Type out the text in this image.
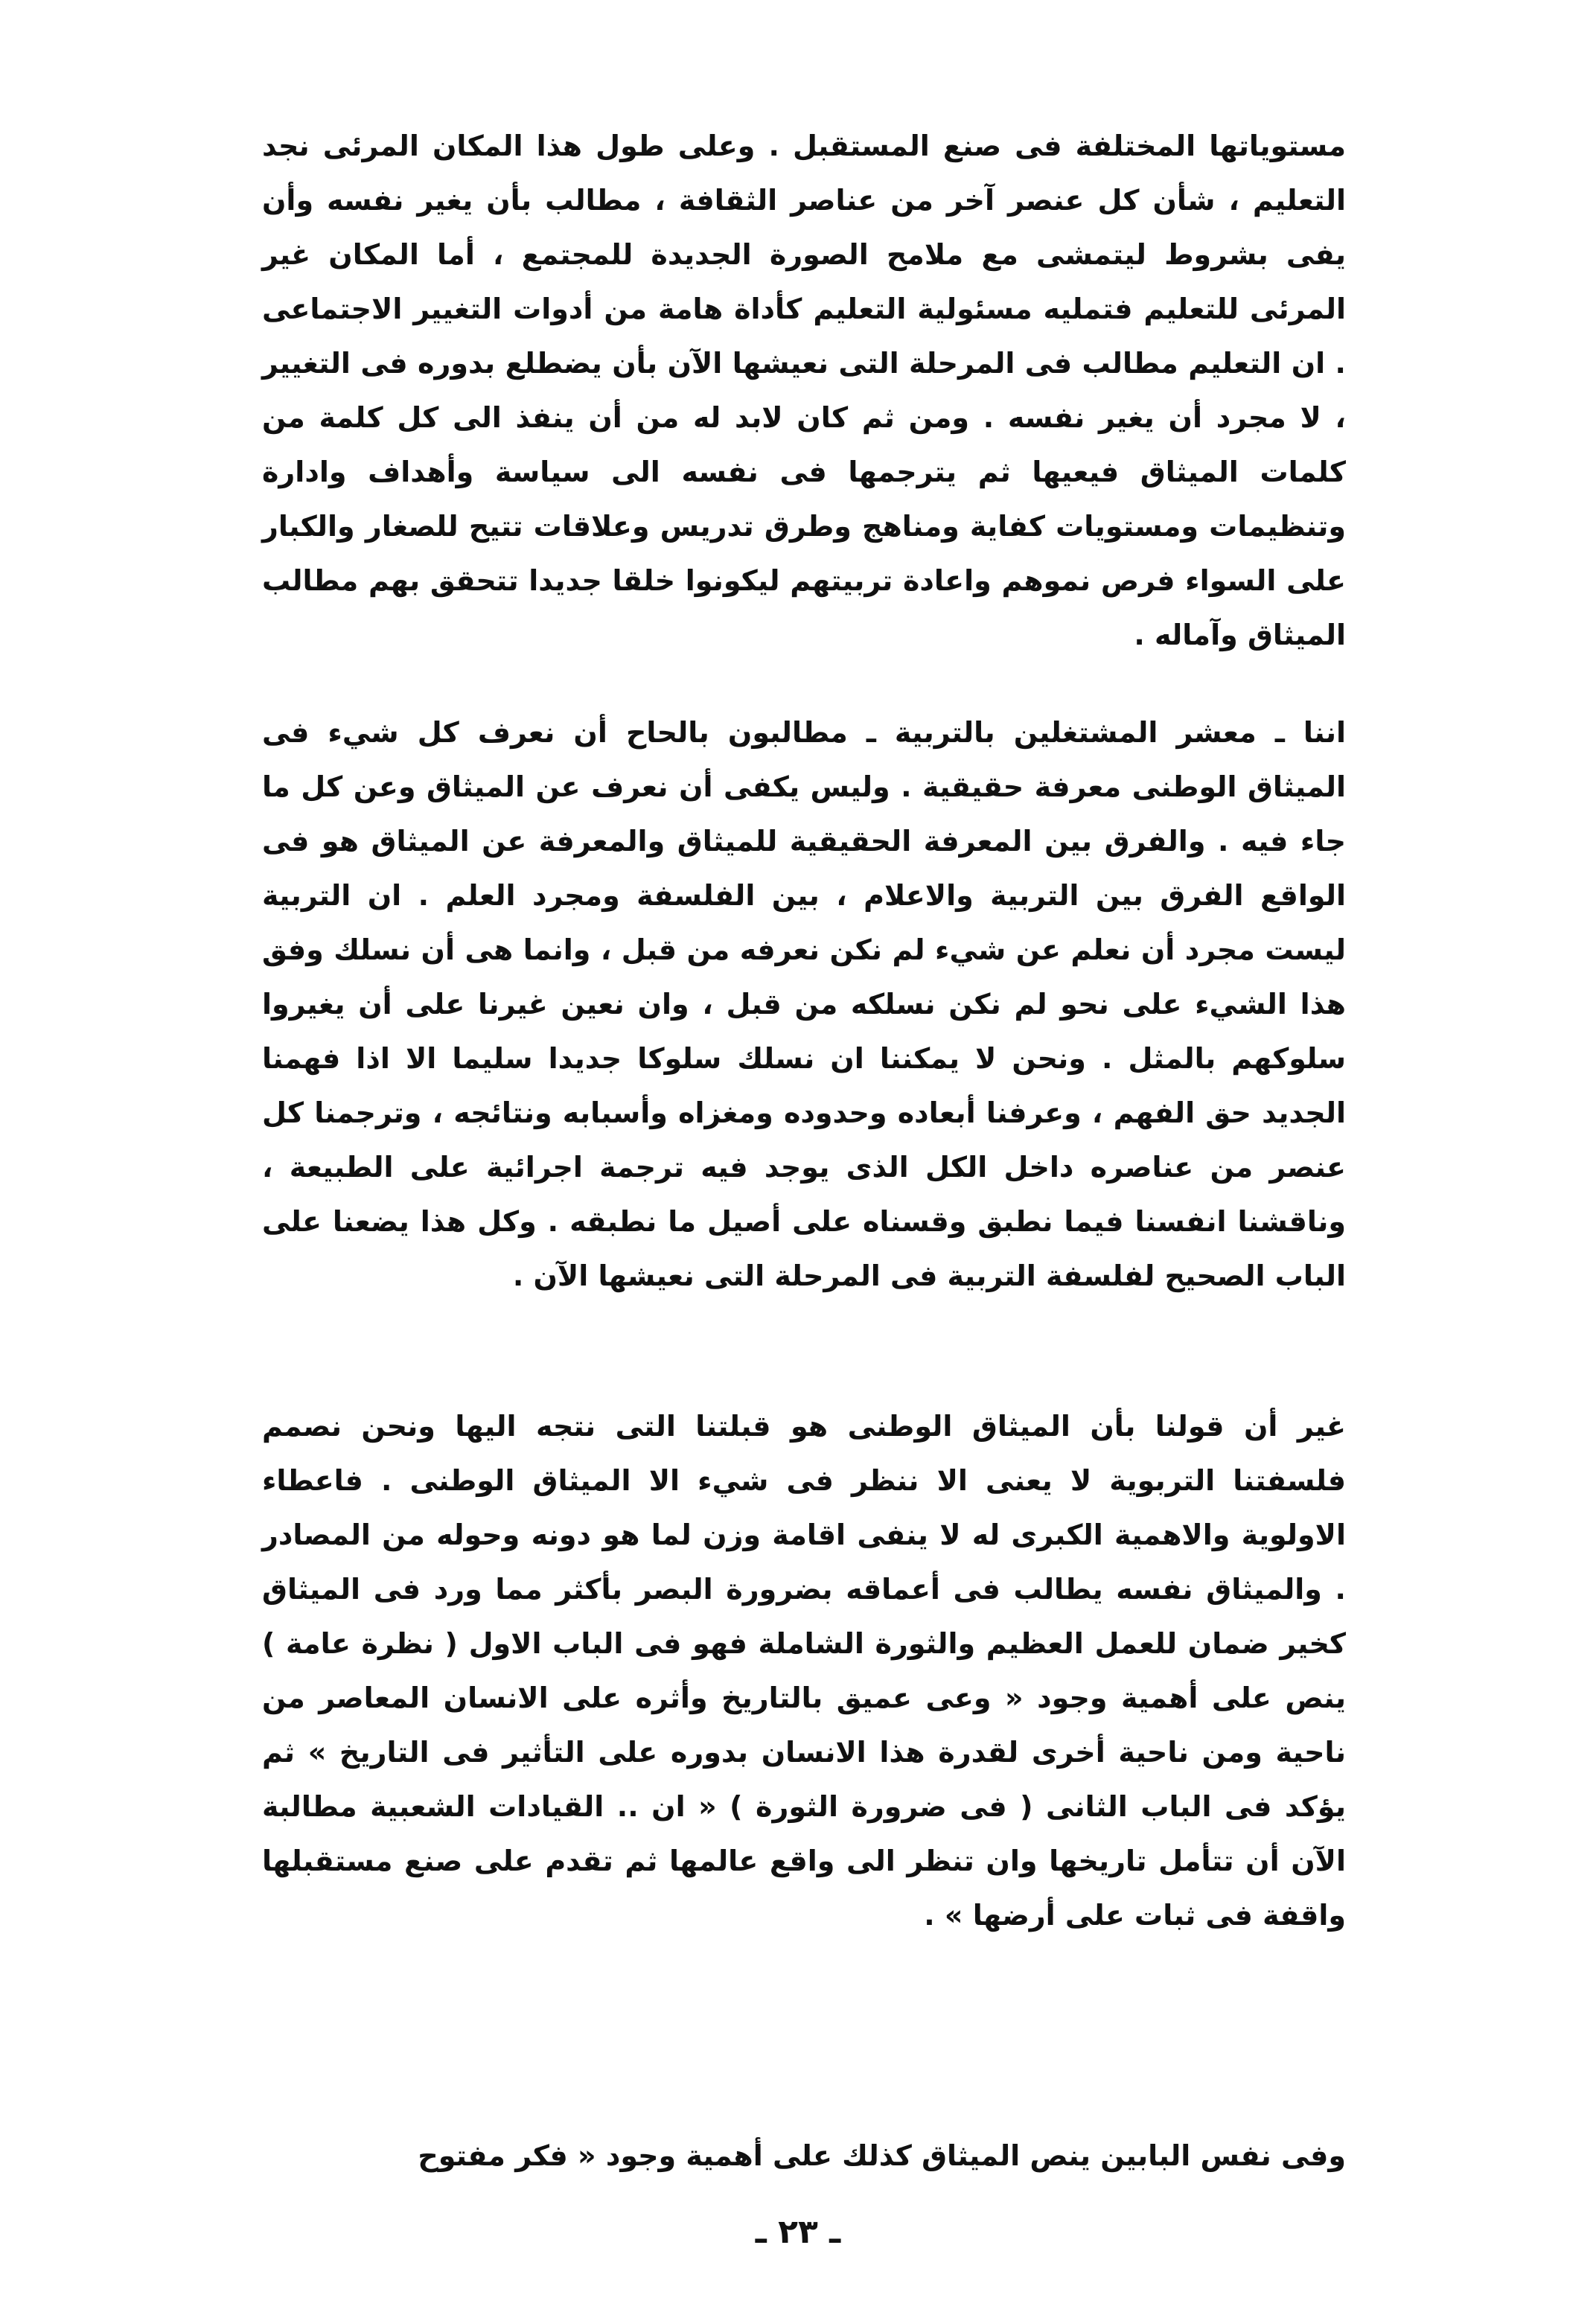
مستوياتها المختلفة فى صنع المستقبل . وعلى طول هذا المكان المرئى نجد التعليم ، شأن كل عنصر آخر من عناصر الثقافة ، مطالب بأن يغير نفسه وأن يفى بشروط ليتمشى مع ملامح الصورة الجديدة للمجتمع ، أما المكان غير المرئى للتعليم فتمليه مسئولية التعليم كأداة هامة من أدوات التغيير الاجتماعى . ان التعليم مطالب فى المرحلة التى نعيشها الآن بأن يضطلع بدوره فى التغيير ، لا مجرد أن يغير نفسه . ومن ثم كان لابد له من أن ينفذ الى كل كلمة من كلمات الميثاق فيعيها ثم يترجمها فى نفسه الى سياسة وأهداف وادارة وتنظيمات ومستويات كفاية ومناهج وطرق تدريس وعلاقات تتيح للصغار والكبار على السواء فرص نموهم واعادة تربيتهم ليكونوا خلقا جديدا تتحقق بهم مطالب الميثاق وآماله .

اننا ـ معشر المشتغلين بالتربية ـ مطالبون بالحاح أن نعرف كل شيء فى الميثاق الوطنى معرفة حقيقية . وليس يكفى أن نعرف عن الميثاق وعن كل ما جاء فيه . والفرق بين المعرفة الحقيقية للميثاق والمعرفة عن الميثاق هو فى الواقع الفرق بين التربية والاعلام ، بين الفلسفة ومجرد العلم . ان التربية ليست مجرد أن نعلم عن شيء لم نكن نعرفه من قبل ، وانما هى أن نسلك وفق هذا الشيء على نحو لم نكن نسلكه من قبل ، وان نعين غيرنا على أن يغيروا سلوكهم بالمثل . ونحن لا يمكننا ان نسلك سلوكا جديدا سليما الا اذا فهمنا الجديد حق الفهم ، وعرفنا أبعاده وحدوده ومغزاه وأسبابه ونتائجه ، وترجمنا كل عنصر من عناصره داخل الكل الذى يوجد فيه ترجمة اجرائية على الطبيعة ، وناقشنا انفسنا فيما نطبق وقسناه على أصيل ما نطبقه . وكل هذا يضعنا على الباب الصحيح لفلسفة التربية فى المرحلة التى نعيشها الآن .

غير أن قولنا بأن الميثاق الوطنى هو قبلتنا التى نتجه اليها ونحن نصمم فلسفتنا التربوية لا يعنى الا ننظر فى شيء الا الميثاق الوطنى . فاعطاء الاولوية والاهمية الكبرى له لا ينفى اقامة وزن لما هو دونه وحوله من المصادر . والميثاق نفسه يطالب فى أعماقه بضرورة البصر بأكثر مما ورد فى الميثاق كخير ضمان للعمل العظيم والثورة الشاملة فهو فى الباب الاول ( نظرة عامة ) ينص على أهمية وجود « وعى عميق بالتاريخ وأثره على الانسان المعاصر من ناحية ومن ناحية أخرى لقدرة هذا الانسان بدوره على التأثير فى التاريخ » ثم يؤكد فى الباب الثانى ( فى ضرورة الثورة ) « ان .. القيادات الشعبية مطالبة الآن أن تتأمل تاريخها وان تنظر الى واقع عالمها ثم تقدم على صنع مستقبلها واقفة فى ثبات على أرضها » .

وفى نفس البابين ينص الميثاق كذلك على أهمية وجود « فكر مفتوح

ـ ٢٣ ـ
